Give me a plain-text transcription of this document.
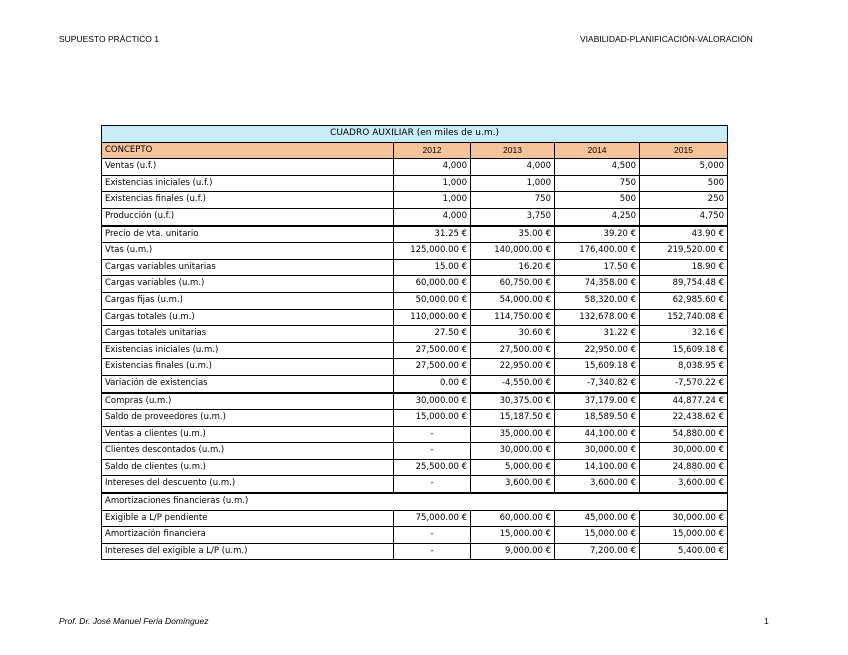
SUPUESTO PRÁCTICO 1	VIABILIDAD-PLANIFICACIÓN-VALORACIÓN
CUADRO AUXILIAR (en miles de u.m.)				
CONCEPTO	2012	2013	2014	2015
Ventas (u.f.)	4,000	4,000	4,500	5,000
Existencias iniciales (u.f.)	1,000	1,000	750	500
Existencias finales (u.f.)	1,000	750	500	250
Producción (u.f.)	4,000	3,750	4,250	4,750
Precio de vta. unitario	31.25 €	35.00 €	39.20 €	43.90 €
Vtas (u.m.)	125,000.00 €	140,000.00 €	176,400.00 €	219,520.00 €
Cargas variables unitarias	15.00 €	16.20 €	17.50 €	18.90 €
Cargas variables (u.m.)	60,000.00 €	60,750.00 €	74,358.00 €	89,754.48 €
Cargas fijas (u.m.)	50,000.00 €	54,000.00 €	58,320.00 €	62,985.60 €
Cargas totales (u.m.)	110,000.00 €	114,750.00 €	132,678.00 €	152,740.08 €
Cargas totales unitarias	27.50 €	30.60 €	31.22 €	32.16 €
Existencias iniciales (u.m.)	27,500.00 €	27,500.00 €	22,950.00 €	15,609.18 €
Existencias finales (u.m.)	27,500.00 €	22,950.00 €	15,609.18 €	8,038.95 €
Variación de existencias	0.00 €	-4,550.00 €	-7,340.82 €	-7,570.22 €
Compras (u.m.)	30,000.00 €	30,375.00 €	37,179.00 €	44,877.24 €
Saldo de proveedores (u.m.)	15,000.00 €	15,187.50 €	18,589.50 €	22,438.62 €
Ventas a clientes (u.m.)	-	35,000.00 €	44,100.00 €	54,880.00 €
Clientes descontados (u.m.)	-	30,000.00 €	30,000.00 €	30,000.00 €
Saldo de clientes (u.m.)	25,500.00 €	5,000.00 €	14,100.00 €	24,880.00 €
Intereses del descuento (u.m.)	-	3,600.00 €	3,600.00 €	3,600.00 €
Amortizaciones financieras (u.m.)				
Exigible a L/P pendiente	75,000.00 €	60,000.00 €	45,000.00 €	30,000.00 €
Amortización financiera	-	15,000.00 €	15,000.00 €	15,000.00 €
Intereses del exigible a L/P (u.m.)	-	9,000.00 €	7,200.00 €	5,400.00 €
Prof. Dr. José Manuel Feria Domínguez	1
